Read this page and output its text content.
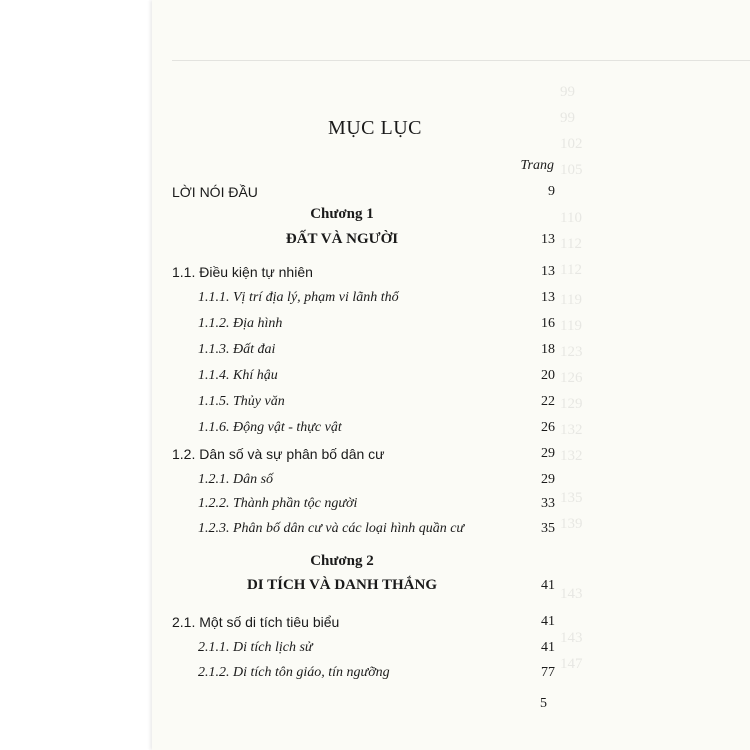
99
99
102
105
110
112
112
119
119
123
126
129
132
132
135
139
143
143
147
MỤC LỤC
Trang
LỜI NÓI ĐẦU	9
Chương 1
ĐẤT VÀ NGƯỜI	13
1.1. Điều kiện tự nhiên	13
1.1.1. Vị trí địa lý, phạm vi lãnh thổ	13
1.1.2. Địa hình	16
1.1.3. Đất đai	18
1.1.4. Khí hậu	20
1.1.5. Thủy văn	22
1.1.6. Động vật - thực vật	26
1.2. Dân số và sự phân bố dân cư	29
1.2.1. Dân số	29
1.2.2. Thành phần tộc người	33
1.2.3. Phân bố dân cư và các loại hình quần cư	35
Chương 2
DI TÍCH VÀ DANH THẮNG	41
2.1. Một số di tích tiêu biểu	41
2.1.1. Di tích lịch sử	41
2.1.2. Di tích tôn giáo, tín ngưỡng	77
5
